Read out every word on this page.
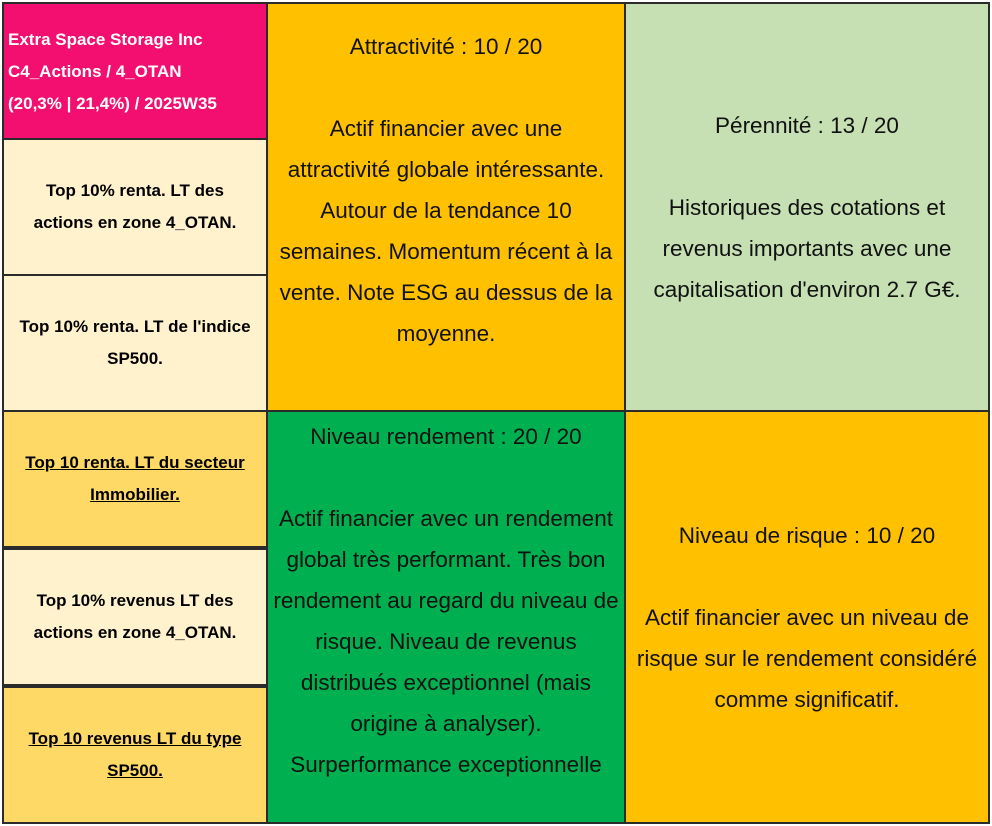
Extra Space Storage Inc
C4_Actions / 4_OTAN
(20,3% | 21,4%) / 2025W35
Top 10% renta. LT des actions en zone 4_OTAN.
Top 10% renta. LT de l'indice SP500.
Top 10 renta. LT du secteur Immobilier.
Top 10% revenus LT des actions en zone 4_OTAN.
Top 10 revenus LT du type SP500.
Attractivité : 10 / 20
Actif financier avec une attractivité globale intéressante. Autour de la tendance 10 semaines. Momentum récent à la vente. Note ESG au dessus de la moyenne.
Pérennité : 13 / 20
Historiques des cotations et revenus importants avec une capitalisation d'environ 2.7 G€.
Niveau rendement : 20 / 20
Actif financier avec un rendement global très performant. Très bon rendement au regard du niveau de risque. Niveau de revenus distribués exceptionnel (mais origine à analyser). Surperformance exceptionnelle
Niveau de risque : 10 / 20
Actif financier avec un niveau de risque sur le rendement considéré comme significatif.
